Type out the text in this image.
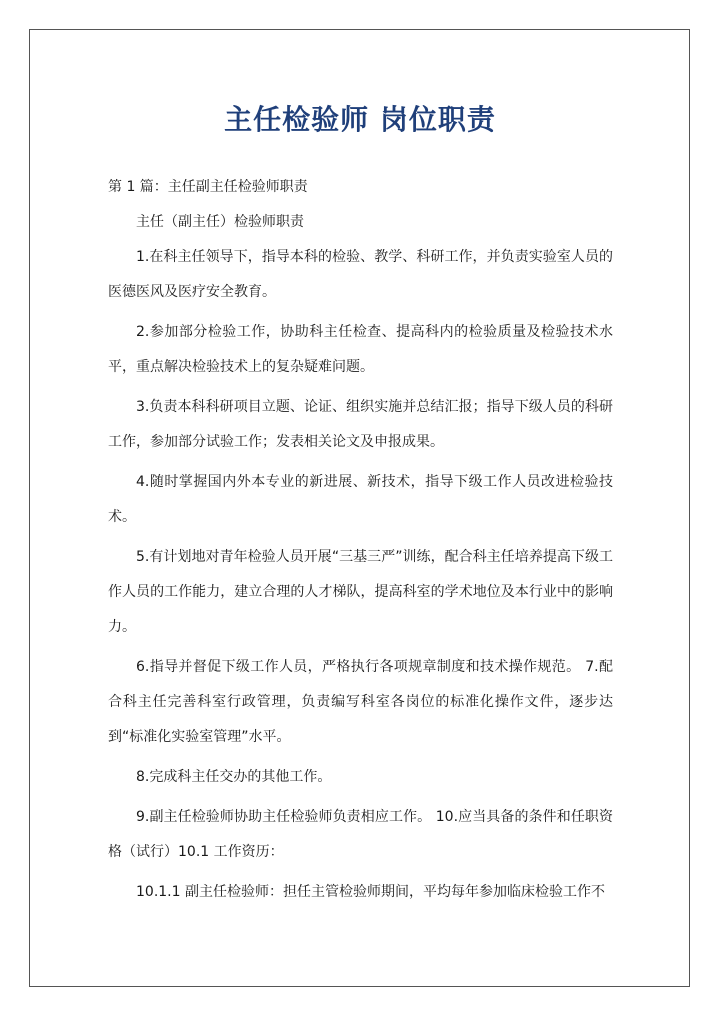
主任检验师 岗位职责

第 1 篇：主任副主任检验师职责

主任（副主任）检验师职责

1.在科主任领导下，指导本科的检验、教学、科研工作，并负责实验室人员的医德医风及医疗安全教育。

2.参加部分检验工作，协助科主任检查、提高科内的检验质量及检验技术水平，重点解决检验技术上的复杂疑难问题。

3.负责本科科研项目立题、论证、组织实施并总结汇报；指导下级人员的科研工作，参加部分试验工作；发表相关论文及申报成果。

4.随时掌握国内外本专业的新进展、新技术，指导下级工作人员改进检验技术。

5.有计划地对青年检验人员开展“三基三严”训练，配合科主任培养提高下级工作人员的工作能力，建立合理的人才梯队，提高科室的学术地位及本行业中的影响力。

6.指导并督促下级工作人员，严格执行各项规章制度和技术操作规范。 7.配合科主任完善科室行政管理，负责编写科室各岗位的标准化操作文件，逐步达到“标准化实验室管理”水平。

8.完成科主任交办的其他工作。

9.副主任检验师协助主任检验师负责相应工作。 10.应当具备的条件和任职资格（试行）10.1 工作资历：

10.1.1 副主任检验师：担任主管检验师期间，平均每年参加临床检验工作不
